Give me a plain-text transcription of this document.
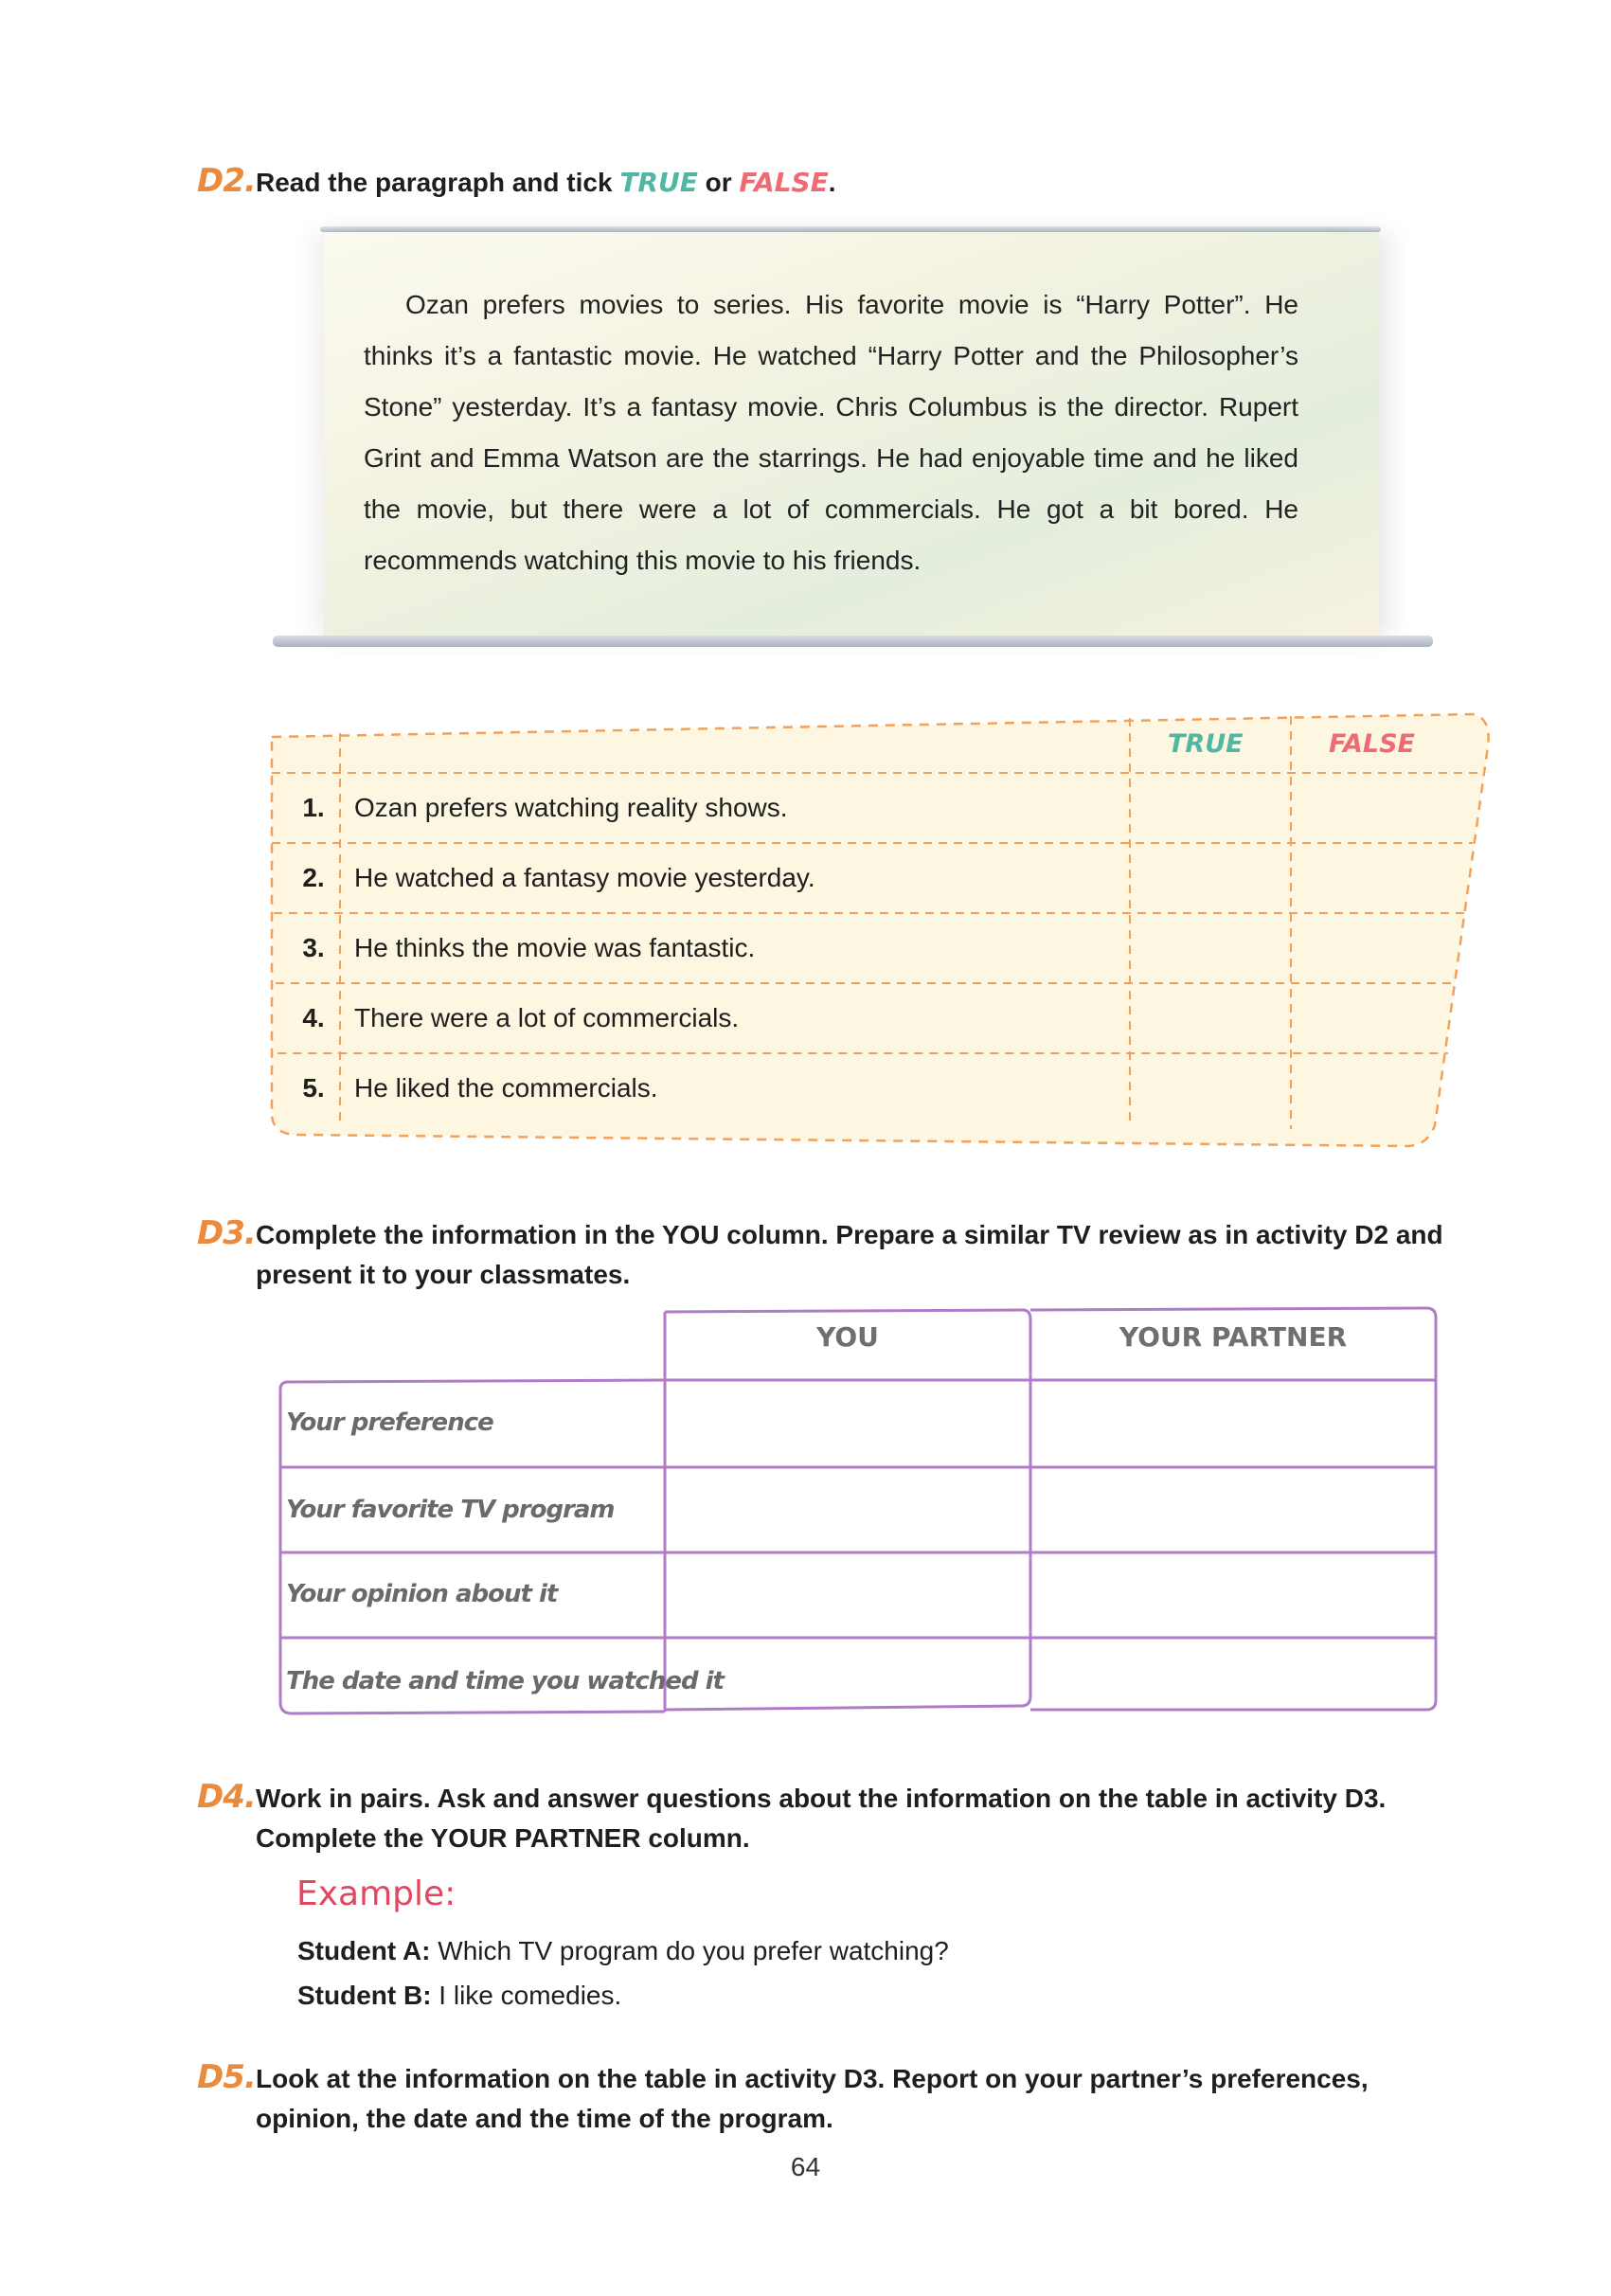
D2. Read the paragraph and tick TRUE or FALSE.
Ozan prefers movies to series. His favorite movie is “Harry Potter”. He thinks it’s a fantastic movie. He watched “Harry Potter and the Philosopher’s Stone” yesterday. It’s a fantasy movie. Chris Columbus is the director. Rupert Grint and Emma Watson are the starrings. He had enjoyable time and he liked the movie, but there were a lot of commercials. He got a bit bored. He recommends watching this movie to his friends.
TRUE	FALSE
1.	Ozan prefers watching reality shows.
2.	He watched a fantasy movie yesterday.
3.	He thinks the movie was fantastic.
4.	There were a lot of commercials.
5.	He liked the commercials.
D3. Complete the information in the YOU column. Prepare a similar TV review as in activity D2 and present it to your classmates.
YOU	YOUR PARTNER
Your preference
Your favorite TV program
Your opinion about it
The date and time you watched it
D4. Work in pairs. Ask and answer questions about the information on the table in activity D3. Complete the YOUR PARTNER column.
Example:
Student A: Which TV program do you prefer watching?
Student B: I like comedies.
D5. Look at the information on the table in activity D3. Report on your partner’s preferences, opinion, the date and the time of the program.
64
